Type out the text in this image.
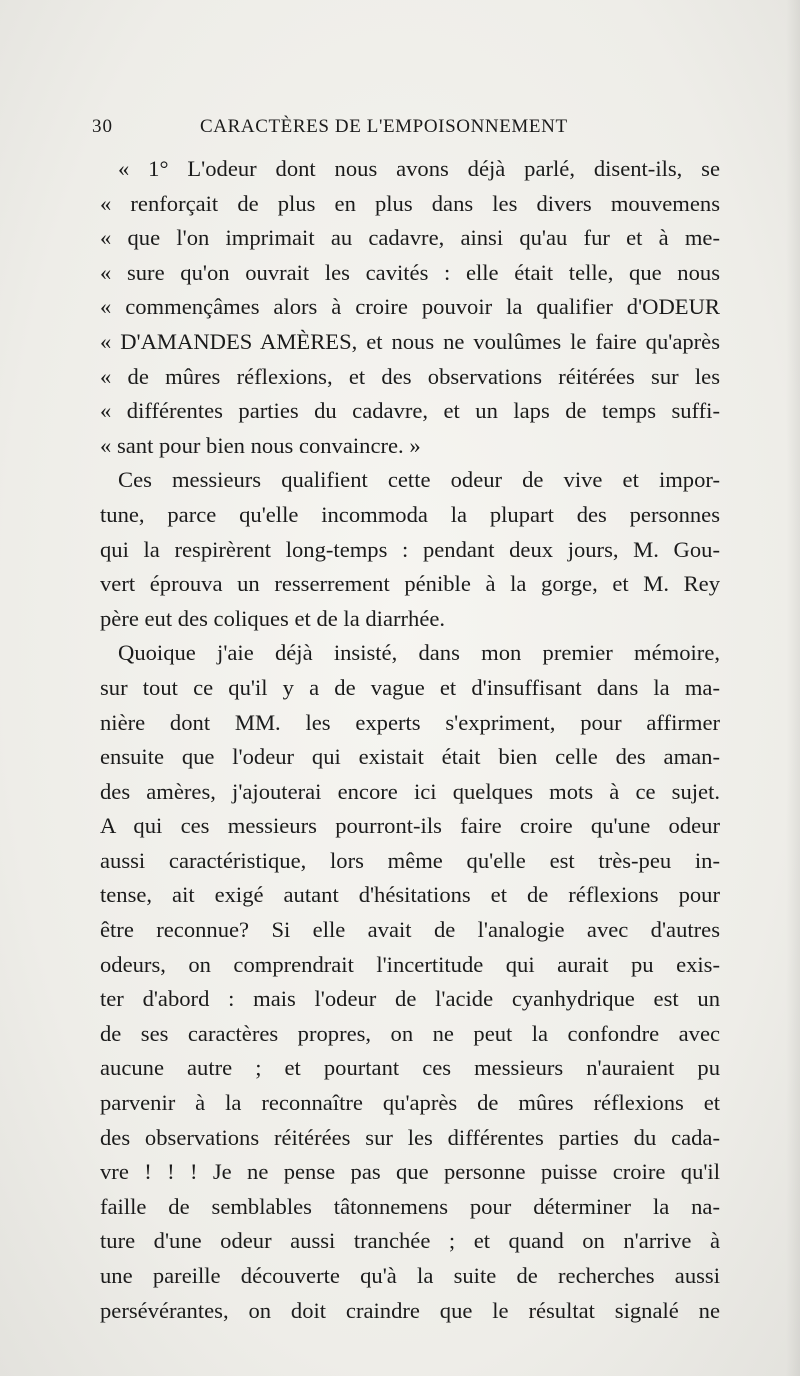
30	CARACTÈRES DE L'EMPOISONNEMENT
« 1° L'odeur dont nous avons déjà parlé, disent-ils, se
« renforçait de plus en plus dans les divers mouvemens
« que l'on imprimait au cadavre, ainsi qu'au fur et à me-
« sure qu'on ouvrait les cavités : elle était telle, que nous
« commençâmes alors à croire pouvoir la qualifier d'ODEUR
« D'AMANDES AMÈRES, et nous ne voulûmes le faire qu'après
« de mûres réflexions, et des observations réitérées sur les
« différentes parties du cadavre, et un laps de temps suffi-
« sant pour bien nous convaincre. »
Ces messieurs qualifient cette odeur de vive et impor-
tune, parce qu'elle incommoda la plupart des personnes
qui la respirèrent long-temps : pendant deux jours, M. Gou-
vert éprouva un resserrement pénible à la gorge, et M. Rey
père eut des coliques et de la diarrhée.
Quoique j'aie déjà insisté, dans mon premier mémoire,
sur tout ce qu'il y a de vague et d'insuffisant dans la ma-
nière dont MM. les experts s'expriment, pour affirmer
ensuite que l'odeur qui existait était bien celle des aman-
des amères, j'ajouterai encore ici quelques mots à ce sujet.
A qui ces messieurs pourront-ils faire croire qu'une odeur
aussi caractéristique, lors même qu'elle est très-peu in-
tense, ait exigé autant d'hésitations et de réflexions pour
être reconnue? Si elle avait de l'analogie avec d'autres
odeurs, on comprendrait l'incertitude qui aurait pu exis-
ter d'abord : mais l'odeur de l'acide cyanhydrique est un
de ses caractères propres, on ne peut la confondre avec
aucune autre ; et pourtant ces messieurs n'auraient pu
parvenir à la reconnaître qu'après de mûres réflexions et
des observations réitérées sur les différentes parties du cada-
vre ! ! ! Je ne pense pas que personne puisse croire qu'il
faille de semblables tâtonnemens pour déterminer la na-
ture d'une odeur aussi tranchée ; et quand on n'arrive à
une pareille découverte qu'à la suite de recherches aussi
persévérantes, on doit craindre que le résultat signalé ne
